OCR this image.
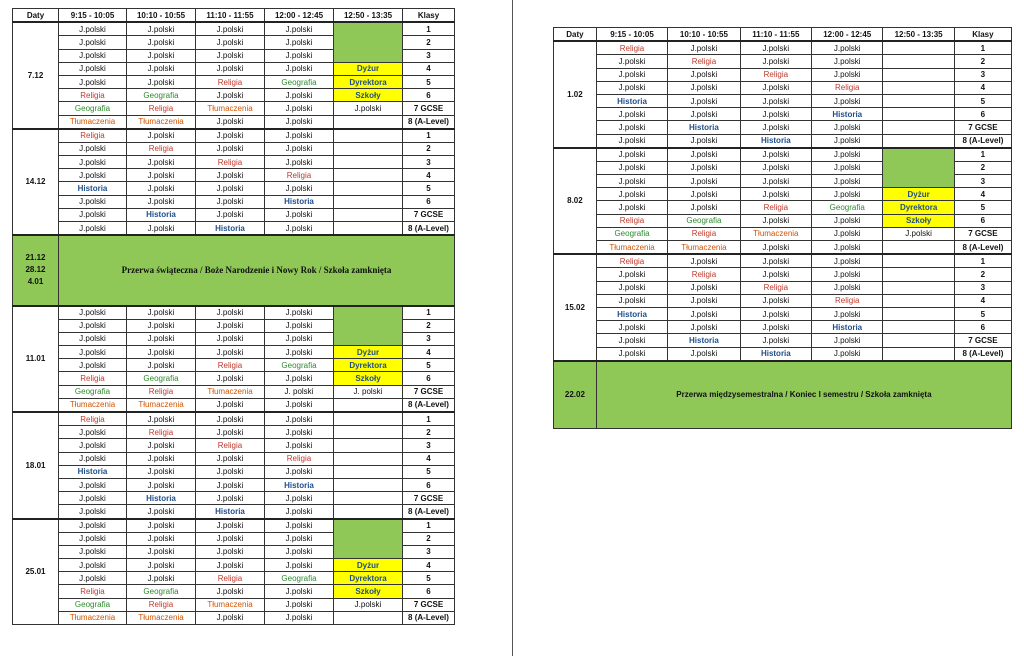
Daty	9:15 - 10:05	10:10 - 10:55	11:10 - 11:55	12:00 - 12:45	12:50 - 13:35	Klasy
7.12	J.polski	J.polski	J.polski	J.polski		1
	J.polski	J.polski	J.polski	J.polski		2
	J.polski	J.polski	J.polski	J.polski		3
	J.polski	J.polski	J.polski	J.polski	Dyżur	4
	J.polski	J.polski	Religia	Geografia	Dyrektora	5
	Religia	Geografia	J.polski	J.polski	Szkoły	6
	Geografia	Religia	Tłumaczenia	J.polski	J.polski	7 GCSE
	Tłumaczenia	Tłumaczenia	J.polski	J.polski		8 (A-Level)
14.12	Religia	J.polski	J.polski	J.polski		1
	J.polski	Religia	J.polski	J.polski		2
	J.polski	J.polski	Religia	J.polski		3
	J.polski	J.polski	J.polski	Religia		4
	Historia	J.polski	J.polski	J.polski		5
	J.polski	J.polski	J.polski	Historia		6
	J.polski	Historia	J.polski	J.polski		7 GCSE
	J.polski	J.polski	Historia	J.polski		8 (A-Level)

21.12
28.12
4.01	Przerwa świąteczna / Boże Narodzenie i Nowy Rok / Szkoła zamknięta					
11.01	J.polski	J.polski	J.polski	J.polski		1
	J.polski	J.polski	J.polski	J.polski		2
	J.polski	J.polski	J.polski	J.polski		3
	J.polski	J.polski	J.polski	J.polski	Dyżur	4
	J.polski	J.polski	Religia	Geografia	Dyrektora	5
	Religia	Geografia	J.polski	J.polski	Szkoły	6
	Geografia	Religia	Tłumaczenia	J. polski	J. polski	7 GCSE
	Tłumaczenia	Tłumaczenia	J.polski	J.polski		8 (A-Level)
18.01	Religia	J.polski	J.polski	J.polski		1
	J.polski	Religia	J.polski	J.polski		2
	J.polski	J.polski	Religia	J.polski		3
	J.polski	J.polski	J.polski	Religia		4
	Historia	J.polski	J.polski	J.polski		5
	J.polski	J.polski	J.polski	Historia		6
	J.polski	Historia	J.polski	J.polski		7 GCSE
	J.polski	J.polski	Historia	J.polski		8 (A-Level)
25.01	J.polski	J.polski	J.polski	J.polski		1
	J.polski	J.polski	J.polski	J.polski		2
	J.polski	J.polski	J.polski	J.polski		3
	J.polski	J.polski	J.polski	J.polski	Dyżur	4
	J.polski	J.polski	Religia	Geografia	Dyrektora	5
	Religia	Geografia	J.polski	J.polski	Szkoły	6
	Geografia	Religia	Tłumaczenia	J.polski	J.polski	7 GCSE
	Tłumaczenia	Tłumaczenia	J.polski	J.polski		8 (A-Level)
Daty	9:15 - 10:05	10:10 - 10:55	11:10 - 11:55	12:00 - 12:45	12:50 - 13:35	Klasy
1.02	Religia	J.polski	J.polski	J.polski		1
	J.polski	Religia	J.polski	J.polski		2
	J.polski	J.polski	Religia	J.polski		3
	J.polski	J.polski	J.polski	Religia		4
	Historia	J.polski	J.polski	J.polski		5
	J.polski	J.polski	J.polski	Historia		6
	J.polski	Historia	J.polski	J.polski		7 GCSE
	J.polski	J.polski	Historia	J.polski		8 (A-Level)
8.02	J.polski	J.polski	J.polski	J.polski		1
	J.polski	J.polski	J.polski	J.polski		2
	J.polski	J.polski	J.polski	J.polski		3
	J.polski	J.polski	J.polski	J.polski	Dyżur	4
	J.polski	J.polski	Religia	Geografia	Dyrektora	5
	Religia	Geografia	J.polski	J.polski	Szkoły	6
	Geografia	Religia	Tłumaczenia	J.polski	J.polski	7 GCSE
	Tłumaczenia	Tłumaczenia	J.polski	J.polski		8 (A-Level)
15.02	Religia	J.polski	J.polski	J.polski		1
	J.polski	Religia	J.polski	J.polski		2
	J.polski	J.polski	Religia	J.polski		3
	J.polski	J.polski	J.polski	Religia		4
	Historia	J.polski	J.polski	J.polski		5
	J.polski	J.polski	J.polski	Historia		6
	J.polski	Historia	J.polski	J.polski		7 GCSE
	J.polski	J.polski	Historia	J.polski		8 (A-Level)

22.02	Przerwa międzysemestralna / Koniec I semestru / Szkoła zamknięta					
